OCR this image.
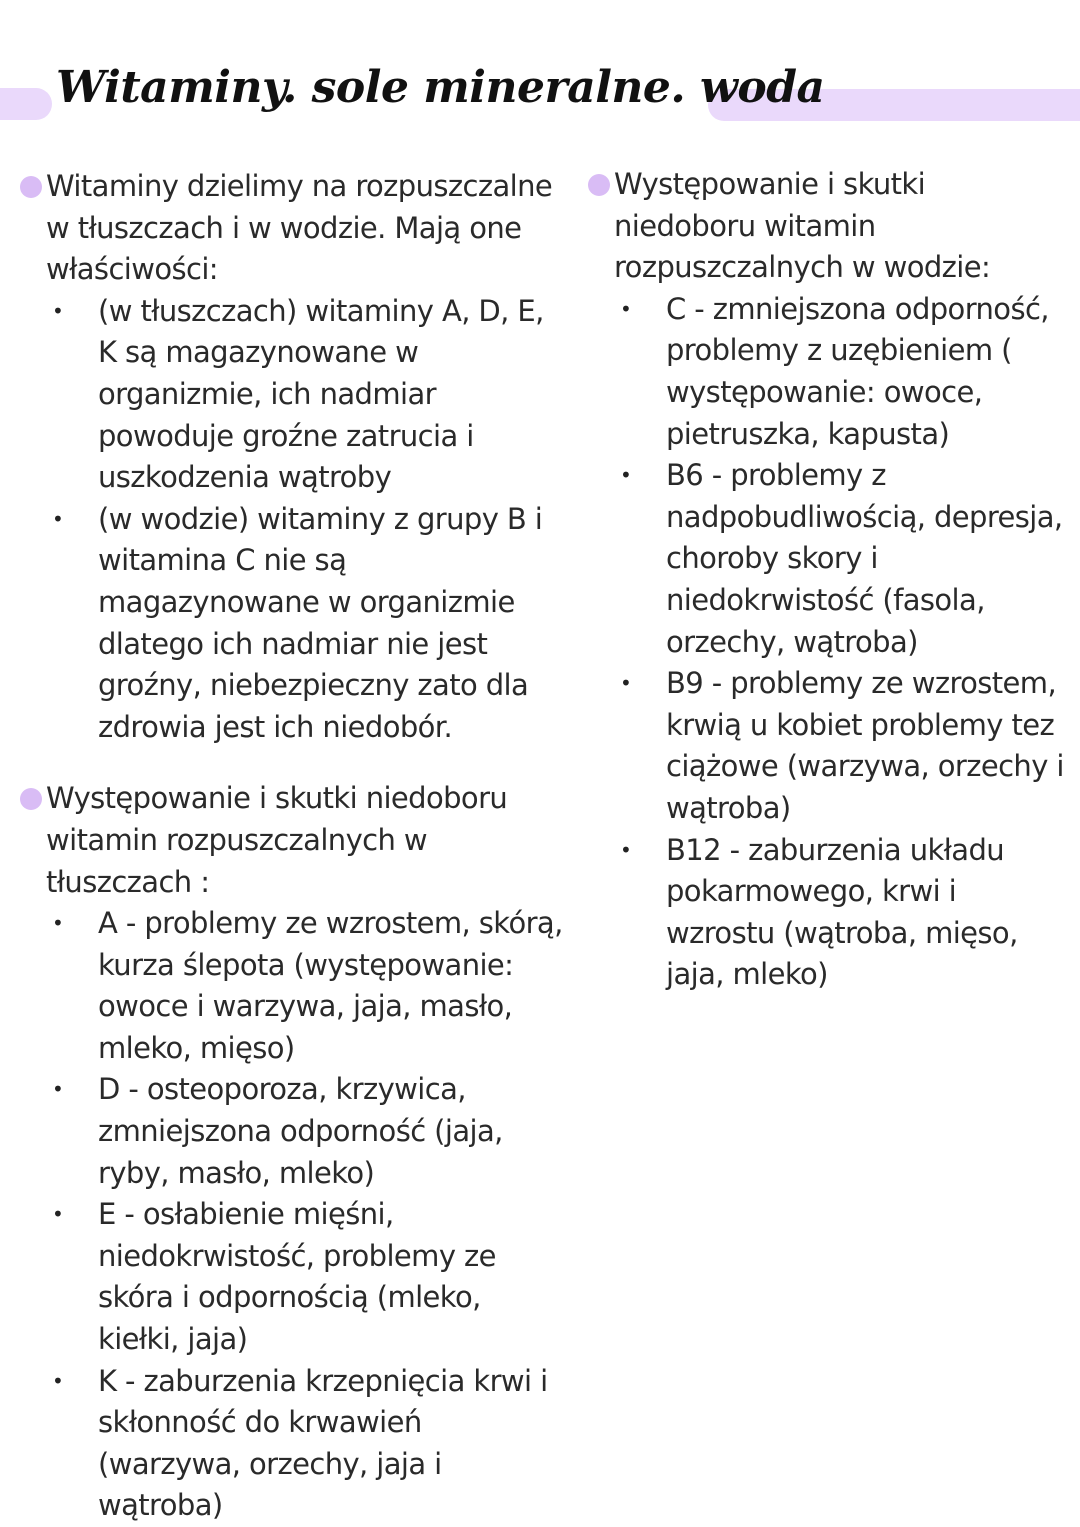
Witaminy. sole mineralne. woda

Witaminy dzielimy na rozpuszczalne w tłuszczach i w wodzie. Mają one właściwości:

• (w tłuszczach) witaminy A, D, E, K są magazynowane w organizmie, ich nadmiar powoduje groźne zatrucia i uszkodzenia wątroby
• (w wodzie) witaminy z grupy B i witamina C nie są magazynowane w organizmie dlatego ich nadmiar nie jest groźny, niebezpieczny zato dla zdrowia jest ich niedobór.

Występowanie i skutki niedoboru witamin rozpuszczalnych w tłuszczach :

• A - problemy ze wzrostem, skórą, kurza ślepota (występowanie: owoce i warzywa, jaja, masło, mleko, mięso)
• D - osteoporoza, krzywica, zmniejszona odporność (jaja, ryby, masło, mleko)
• E - osłabienie mięśni, niedokrwistość, problemy ze skóra i odpornością (mleko, kiełki, jaja)
• K - zaburzenia krzepnięcia krwi i skłonność do krwawień (warzywa, orzechy, jaja i wątroba)

Występowanie i skutki niedoboru witamin rozpuszczalnych w wodzie:

• C - zmniejszona odporność, problemy z uzębieniem ( występowanie: owoce, pietruszka, kapusta)
• B6 - problemy z nadpobudliwością, depresja, choroby skory i niedokrwistość (fasola, orzechy, wątroba)
• B9 - problemy ze wzrostem, krwią u kobiet problemy tez ciążowe (warzywa, orzechy i wątroba)
• B12 - zaburzenia układu pokarmowego, krwi i wzrostu (wątroba, mięso, jaja, mleko)
